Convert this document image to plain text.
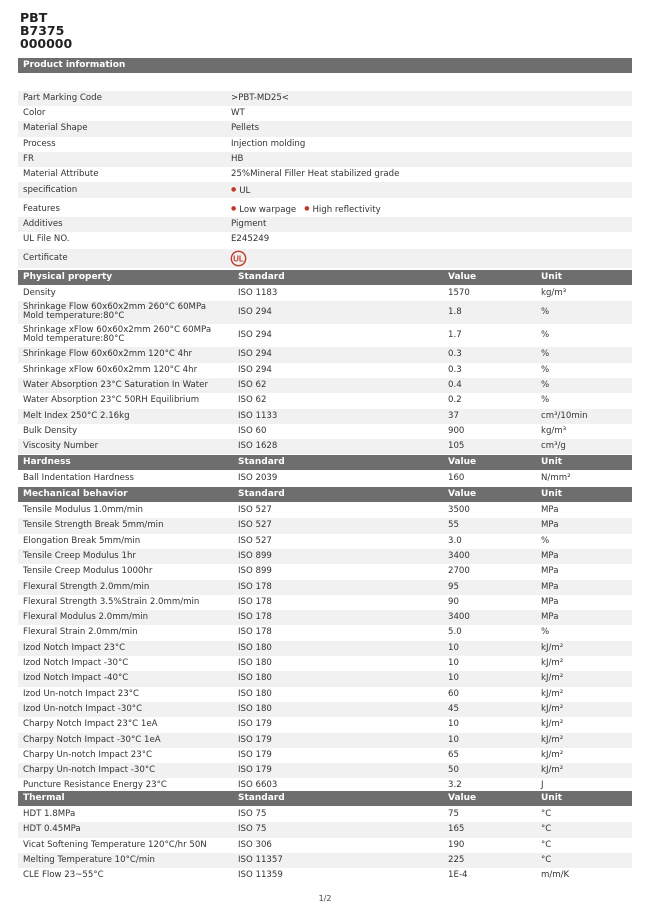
PBT
B7375
000000
Product information
Part Marking Code	>PBT-MD25<
Color	WT
Material Shape	Pellets
Process	Injection molding
FR	HB
Material Attribute	25%Mineral Filler Heat stabilized grade
specification	● UL
Features	● Low warpage ● High reflectivity
Additives	Pigment
UL File NO.	E245249
Certificate	UL
Physical property	Standard	Value	Unit
Density	ISO 1183	1570	kg/m³
Shrinkage Flow 60x60x2mm 260°C 60MPa Mold temperature:80°C	ISO 294	1.8	%
Shrinkage xFlow 60x60x2mm 260°C 60MPa Mold temperature:80°C	ISO 294	1.7	%
Shrinkage Flow 60x60x2mm 120°C 4hr	ISO 294	0.3	%
Shrinkage xFlow 60x60x2mm 120°C 4hr	ISO 294	0.3	%
Water Absorption 23°C Saturation In Water	ISO 62	0.4	%
Water Absorption 23°C 50RH Equilibrium	ISO 62	0.2	%
Melt Index 250°C 2.16kg	ISO 1133	37	cm³/10min
Bulk Density	ISO 60	900	kg/m³
Viscosity Number	ISO 1628	105	cm³/g
Hardness	Standard	Value	Unit
Ball Indentation Hardness	ISO 2039	160	N/mm²
Mechanical behavior	Standard	Value	Unit
Tensile Modulus 1.0mm/min	ISO 527	3500	MPa
Tensile Strength Break 5mm/min	ISO 527	55	MPa
Elongation Break 5mm/min	ISO 527	3.0	%
Tensile Creep Modulus 1hr	ISO 899	3400	MPa
Tensile Creep Modulus 1000hr	ISO 899	2700	MPa
Flexural Strength 2.0mm/min	ISO 178	95	MPa
Flexural Strength 3.5%Strain 2.0mm/min	ISO 178	90	MPa
Flexural Modulus 2.0mm/min	ISO 178	3400	MPa
Flexural Strain 2.0mm/min	ISO 178	5.0	%
Izod Notch Impact 23°C	ISO 180	10	kJ/m²
Izod Notch Impact -30°C	ISO 180	10	kJ/m²
Izod Notch Impact -40°C	ISO 180	10	kJ/m²
Izod Un-notch Impact 23°C	ISO 180	60	kJ/m²
Izod Un-notch Impact -30°C	ISO 180	45	kJ/m²
Charpy Notch Impact 23°C 1eA	ISO 179	10	kJ/m²
Charpy Notch Impact -30°C 1eA	ISO 179	10	kJ/m²
Charpy Un-notch Impact 23°C	ISO 179	65	kJ/m²
Charpy Un-notch Impact -30°C	ISO 179	50	kJ/m²
Puncture Resistance Energy 23°C	ISO 6603	3.2	J
Thermal	Standard	Value	Unit
HDT 1.8MPa	ISO 75	75	°C
HDT 0.45MPa	ISO 75	165	°C
Vicat Softening Temperature 120°C/hr 50N	ISO 306	190	°C
Melting Temperature 10°C/min	ISO 11357	225	°C
CLE Flow 23~55°C	ISO 11359	1E-4	m/m/K
1/2
